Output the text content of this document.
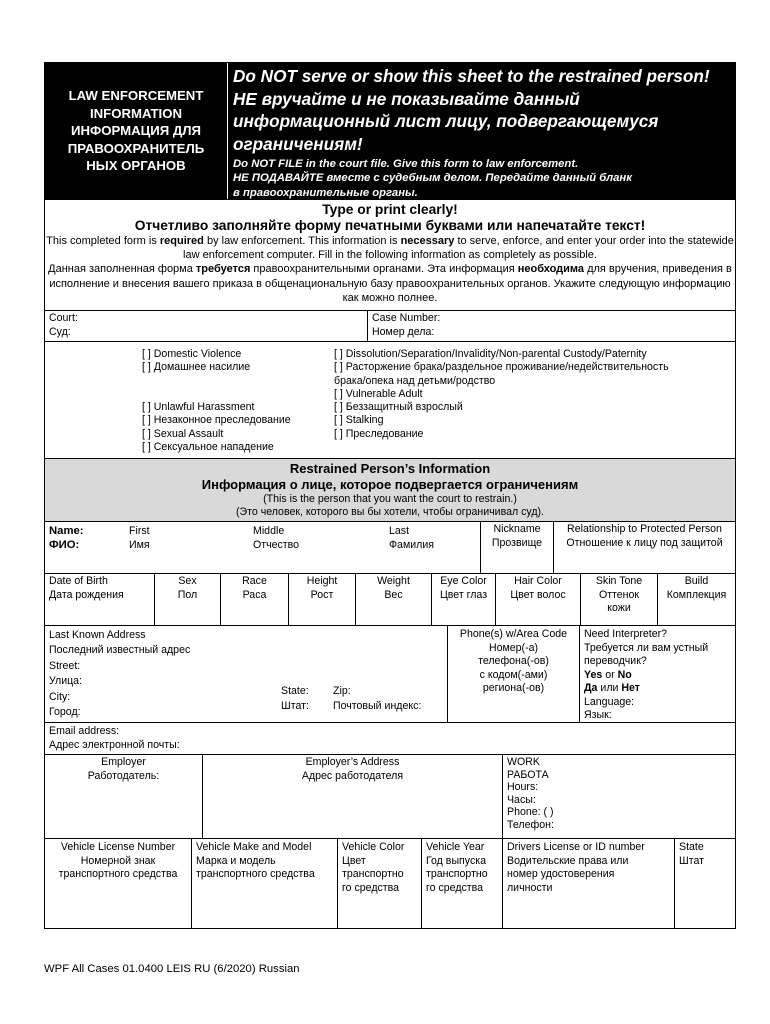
LAW ENFORCEMENT
INFORMATION
ИНФОРМАЦИЯ ДЛЯ
ПРАВООХРАНИТЕЛЬ
НЫХ ОРГАНОВ
Do NOT serve or show this sheet to the restrained person!
НЕ вручайте и не показывайте данный
информационный лист лицу, подвергающемуся
ограничениям!
Do NOT FILE in the court file. Give this form to law enforcement.
НЕ ПОДАВАЙТЕ вместе с судебным делом. Передайте данный бланк
в правоохранительные органы.
Type or print clearly!
Отчетливо заполняйте форму печатными буквами или напечатайте текст!
This completed form is required by law enforcement. This information is necessary to serve, enforce, and enter your order into the statewide law enforcement computer. Fill in the following information as completely as possible.
Данная заполненная форма требуется правоохранительными органами. Эта информация необходима для вручения, приведения в исполнение и внесения вашего приказа в общенациональную базу правоохранительных органов. Укажите следующую информацию как можно полнее.
Court:
Суд:
Case Number:
Номер дела:
[ ] Domestic Violence
[ ] Домашнее насилие

[ ] Unlawful Harassment
[ ] Незаконное преследование
[ ] Sexual Assault
[ ] Сексуальное нападение
[ ] Dissolution/Separation/Invalidity/Non-parental Custody/Paternity
[ ] Расторжение брака/раздельное проживание/недействительность
брака/опека над детьми/родство
[ ] Vulnerable Adult
[ ] Беззащитный взрослый
[ ] Stalking
[ ] Преследование
Restrained Person’s Information
Информация о лице, которое подвергается ограничениям
(This is the person that you want the court to restrain.)
(Это человек, которого вы бы хотели, чтобы ограничивал суд).
Name:
ФИО:
First
Имя
Middle
Отчество
Last
Фамилия
Nickname
Прозвище
Relationship to Protected Person
Отношение к лицу под защитой
Date of Birth
Дата рождения
Sex
Пол
Race
Раса
Height
Рост
Weight
Вес
Eye Color
Цвет глаз
Hair Color
Цвет волос
Skin Tone
Оттенок
кожи
Build
Комплекция
Last Known Address
Последний известный адрес
Street:
Улица:
City:
Город:
State:
Штат:
Zip:
Почтовый индекс:
Phone(s) w/Area Code
Номер(-а)
телефона(-ов)
с кодом(-ами)
региона(-ов)
Need Interpreter?
Требуется ли вам устный
переводчик?
Yes or No
Да или Нет
Language:
Язык:
Email address:
Адрес электронной почты:
Employer
Работодатель:
Employer’s Address
Адрес работодателя
WORK
РАБОТА
Hours:
Часы:
Phone: ( )
Телефон:
Vehicle License Number
Номерной знак
транспортного средства
Vehicle Make and Model
Марка и модель
транспортного средства
Vehicle Color
Цвет
транспортно
го средства
Vehicle Year
Год выпуска
транспортно
го средства
Drivers License or ID number
Водительские права или
номер удостоверения
личности
State
Штат
WPF All Cases 01.0400 LEIS RU (6/2020) Russian
